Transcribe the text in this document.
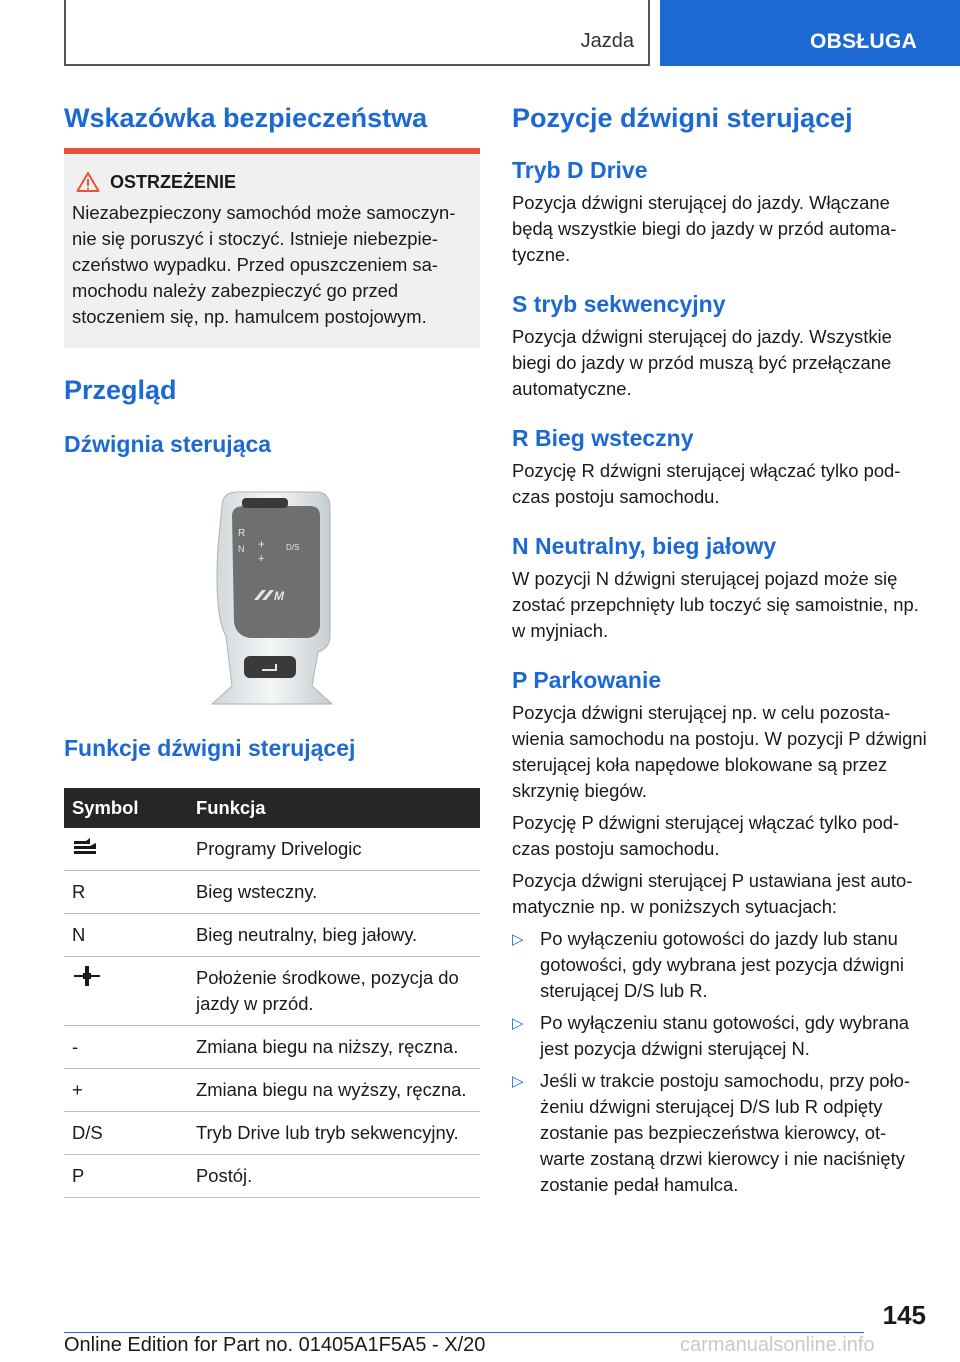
Jazda	OBSŁUGA
Wskazówka bezpieczeństwa
OSTRZEŻENIE

Niezabezpieczony samochód może samoczyn-nie się poruszyć i stoczyć. Istnieje niebezpie-czeństwo wypadku. Przed opuszczeniem sa-mochodu należy zabezpieczyć go przed stoczeniem się, np. hamulcem postojowym.

Przegląd
Dźwignia sterująca
R
N +	D/S
+
M
Funkcje dźwigni sterującej
Symbol	Funkcja
	Programy Drivelogic
R	Bieg wsteczny.
N	Bieg neutralny, bieg jałowy.
	Położenie środkowe, pozycja do jazdy w przód.
-	Zmiana biegu na niższy, ręczna.
+	Zmiana biegu na wyższy, ręczna.
D/S	Tryb Drive lub tryb sekwencyjny.
P	Postój.
Pozycje dźwigni sterującej
Tryb D Drive

Pozycja dźwigni sterującej do jazdy. Włączane będą wszystkie biegi do jazdy w przód automa-tyczne.

S tryb sekwencyjny

Pozycja dźwigni sterującej do jazdy. Wszystkie biegi do jazdy w przód muszą być przełączane automatyczne.

R Bieg wsteczny

Pozycję R dźwigni sterującej włączać tylko pod-czas postoju samochodu.

N Neutralny, bieg jałowy

W pozycji N dźwigni sterującej pojazd może się zostać przepchnięty lub toczyć się samoistnie, np. w myjniach.

P Parkowanie

Pozycja dźwigni sterującej np. w celu pozosta-wienia samochodu na postoju. W pozycji P dźwigni sterującej koła napędowe blokowane są przez skrzynię biegów.

Pozycję P dźwigni sterującej włączać tylko pod-czas postoju samochodu.

Pozycja dźwigni sterującej P ustawiana jest auto-matycznie np. w poniższych sytuacjach:

▷ Po wyłączeniu gotowości do jazdy lub stanu gotowości, gdy wybrana jest pozycja dźwigni sterującej D/S lub R.
▷ Po wyłączeniu stanu gotowości, gdy wybrana jest pozycja dźwigni sterującej N.
▷ Jeśli w trakcie postoju samochodu, przy poło-żeniu dźwigni sterującej D/S lub R odpięty zostanie pas bezpieczeństwa kierowcy, ot-warte zostaną drzwi kierowcy i nie naciśnięty zostanie pedał hamulca.
145
Online Edition for Part no. 01405A1F5A5 - X/20	carmanualsonline.info
